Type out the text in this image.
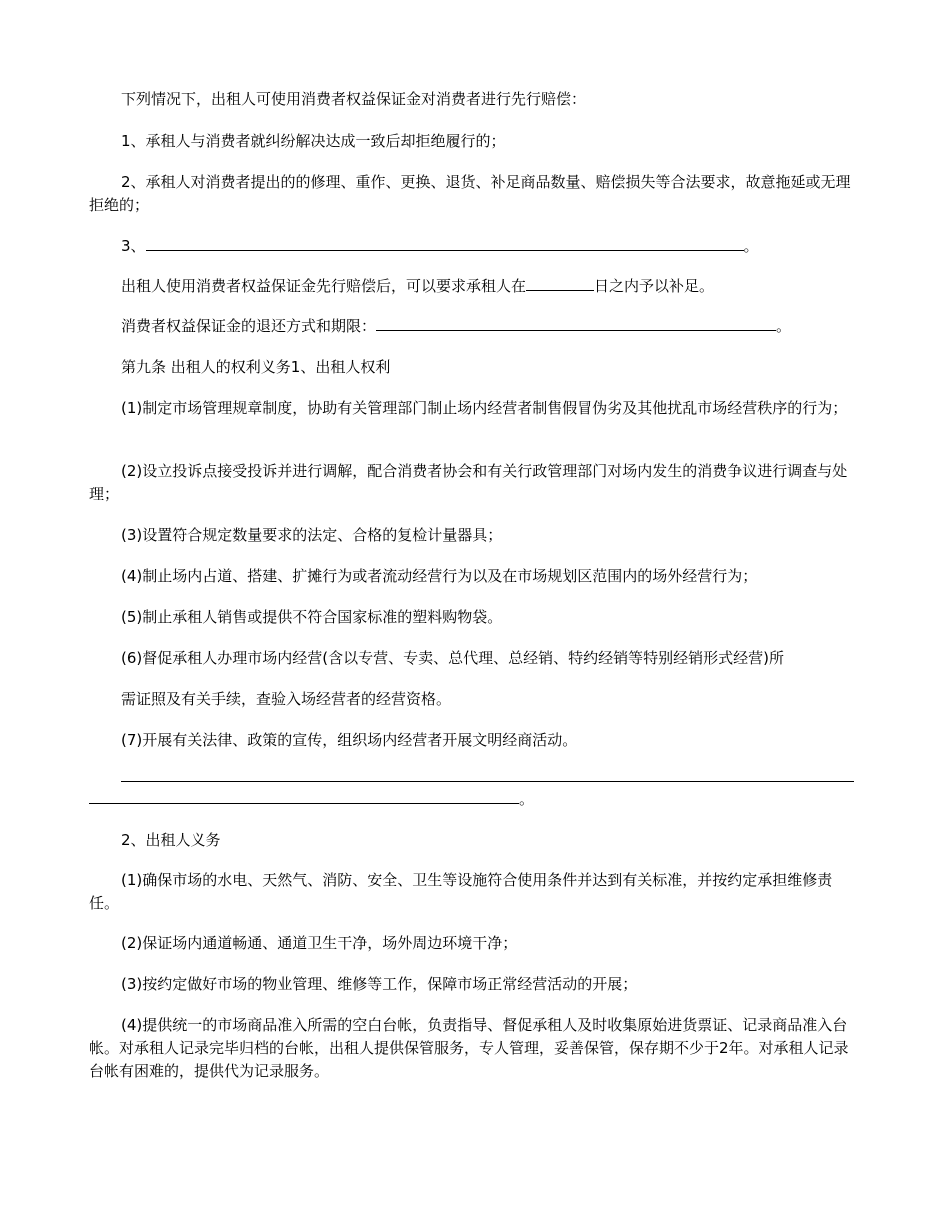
下列情况下，出租人可使用消费者权益保证金对消费者进行先行赔偿：

1、承租人与消费者就纠纷解决达成一致后却拒绝履行的；

2、承租人对消费者提出的的修理、重作、更换、退货、补足商品数量、赔偿损失等合法要求，故意拖延或无理拒绝的；

3、	。

出租人使用消费者权益保证金先行赔偿后，可以要求承租人在	日之内予以补足。

消费者权益保证金的退还方式和期限：	。

第九条 出租人的权利义务1、出租人权利

(1)制定市场管理规章制度，协助有关管理部门制止场内经营者制售假冒伪劣及其他扰乱市场经营秩序的行为；

(2)设立投诉点接受投诉并进行调解，配合消费者协会和有关行政管理部门对场内发生的消费争议进行调查与处理；

(3)设置符合规定数量要求的法定、合格的复检计量器具；

(4)制止场内占道、搭建、扩摊行为或者流动经营行为以及在市场规划区范围内的场外经营行为；

(5)制止承租人销售或提供不符合国家标准的塑料购物袋。

(6)督促承租人办理市场内经营(含以专营、专卖、总代理、总经销、特约经销等特别经销形式经营)所

需证照及有关手续，查验入场经营者的经营资格。

(7)开展有关法律、政策的宣传，组织场内经营者开展文明经商活动。

。

2、出租人义务

(1)确保市场的水电、天然气、消防、安全、卫生等设施符合使用条件并达到有关标准，并按约定承担维修责任。

(2)保证场内通道畅通、通道卫生干净，场外周边环境干净；

(3)按约定做好市场的物业管理、维修等工作，保障市场正常经营活动的开展；

(4)提供统一的市场商品准入所需的空白台帐，负责指导、督促承租人及时收集原始进货票证、记录商品准入台帐。对承租人记录完毕归档的台帐，出租人提供保管服务，专人管理，妥善保管，保存期不少于2年。对承租人记录台帐有困难的，提供代为记录服务。
